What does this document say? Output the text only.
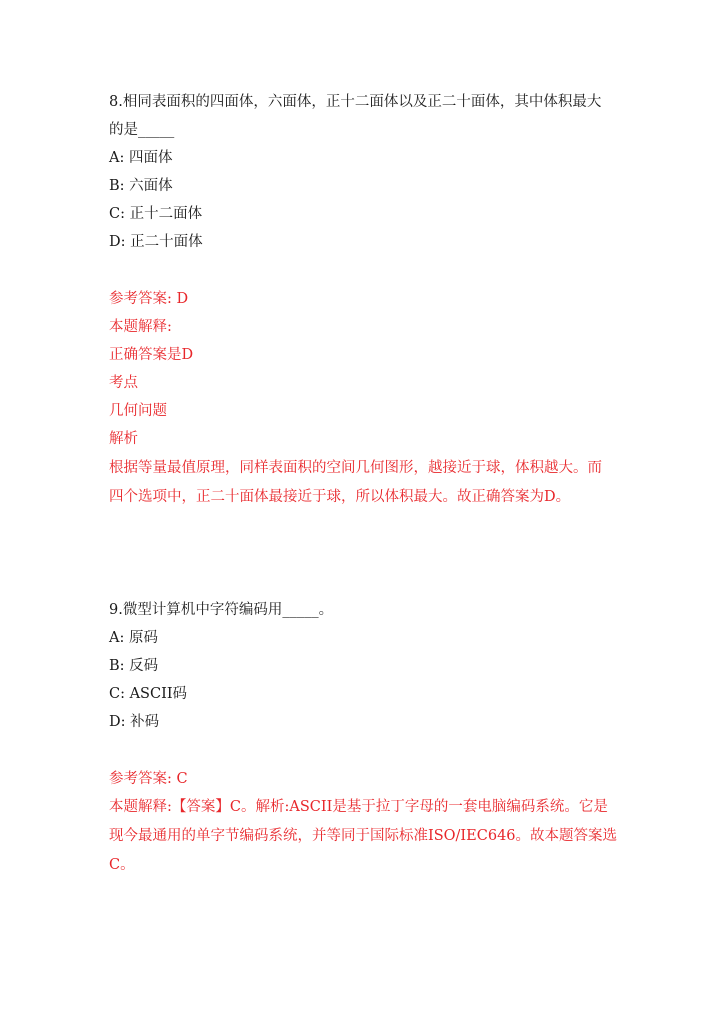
8.相同表面积的四面体，六面体，正十二面体以及正二十面体，其中体积最大
的是_____
A: 四面体
B: 六面体
C: 正十二面体
D: 正二十面体
参考答案: D
本题解释:
正确答案是D
考点
几何问题
解析
根据等量最值原理，同样表面积的空间几何图形，越接近于球，体积越大。而
四个选项中，正二十面体最接近于球，所以体积最大。故正确答案为D。
9.微型计算机中字符编码用_____。
A: 原码
B: 反码
C: ASCII码
D: 补码
参考答案: C
本题解释:【答案】C。解析:ASCII是基于拉丁字母的一套电脑编码系统。它是
现今最通用的单字节编码系统，并等同于国际标准ISO/IEC646。故本题答案选
C。
